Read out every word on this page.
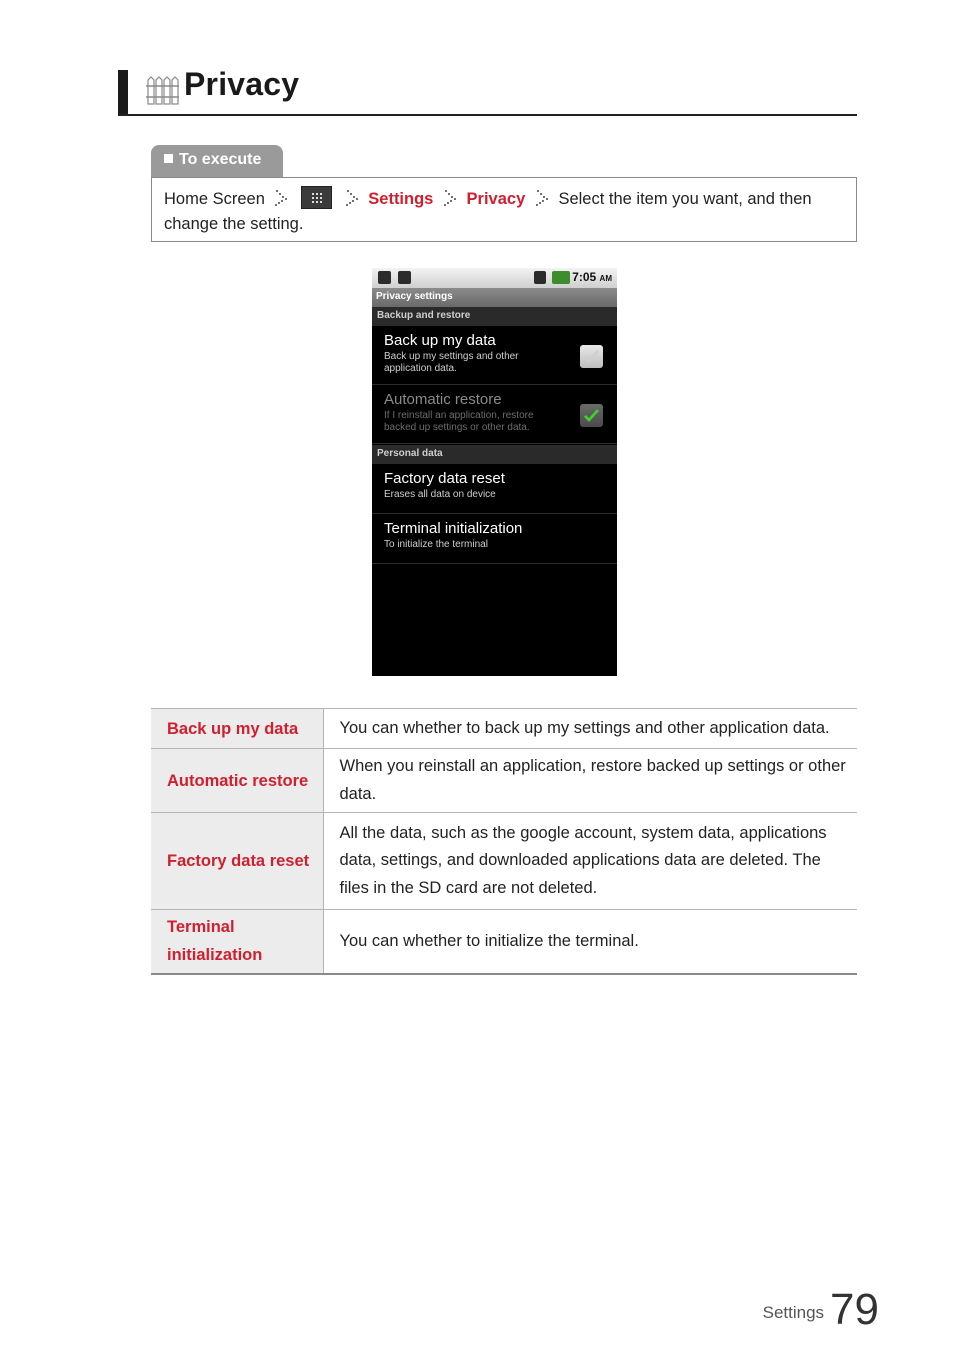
Privacy
To execute
Home Screen	Settings Privacy Select the item you want, and then change the setting.
7:05 AM
Privacy settings
Backup and restore
Back up my data
Back up my settings and other application data.
Automatic restore
If I reinstall an application, restore backed up settings or other data.
Personal data
Factory data reset
Erases all data on device
Terminal initialization
To initialize the terminal
Back up my data	You can whether to back up my settings and other application data.
Automatic restore	When you reinstall an application, restore backed up settings or other data.
Factory data reset	All the data, such as the google account, system data, applications data, settings, and downloaded applications data are deleted. The files in the SD card are not deleted.
Terminal initialization	You can whether to initialize the terminal.
Settings 79
